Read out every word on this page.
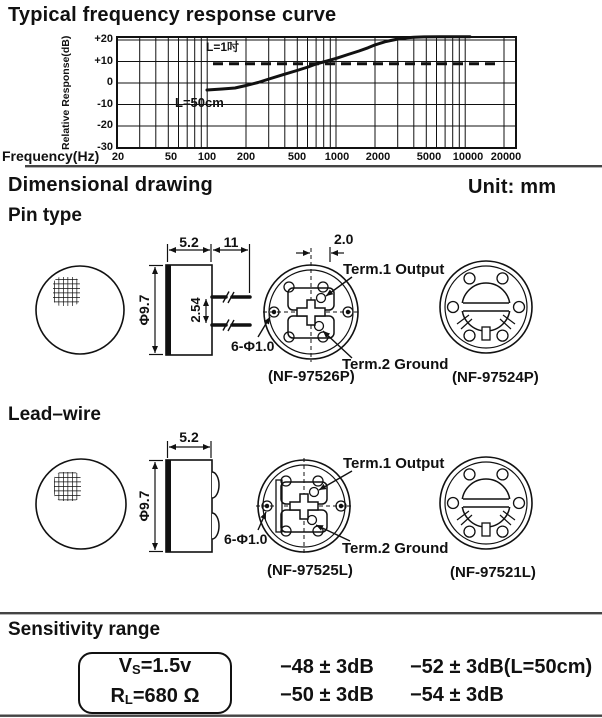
Typical frequency response curve
Relative Response(dB)	+20
+10
0
-10
-20
-30
Frequency(Hz) 20	50 100 200	500 1000 2000 5000 10000 20000
L=1吋
L=50cm
Dimensional drawing	Unit: mm
Pin type
5.2 11
Φ9.7	2.54
6-Φ1.0
2.0
Term.1 Output
Term.2 Ground
(NF-97526P)	(NF-97524P)
Lead–wire
5.2
Φ9.7
6-Φ1.0
Term.1 Output
Term.2 Ground
(NF-97525L)	(NF-97521L)
Sensitivity range
VS=1.5v
RL=680 Ω
−48 ± 3dB −52 ± 3dB(L=50cm)
−50 ± 3dB −54 ± 3dB
